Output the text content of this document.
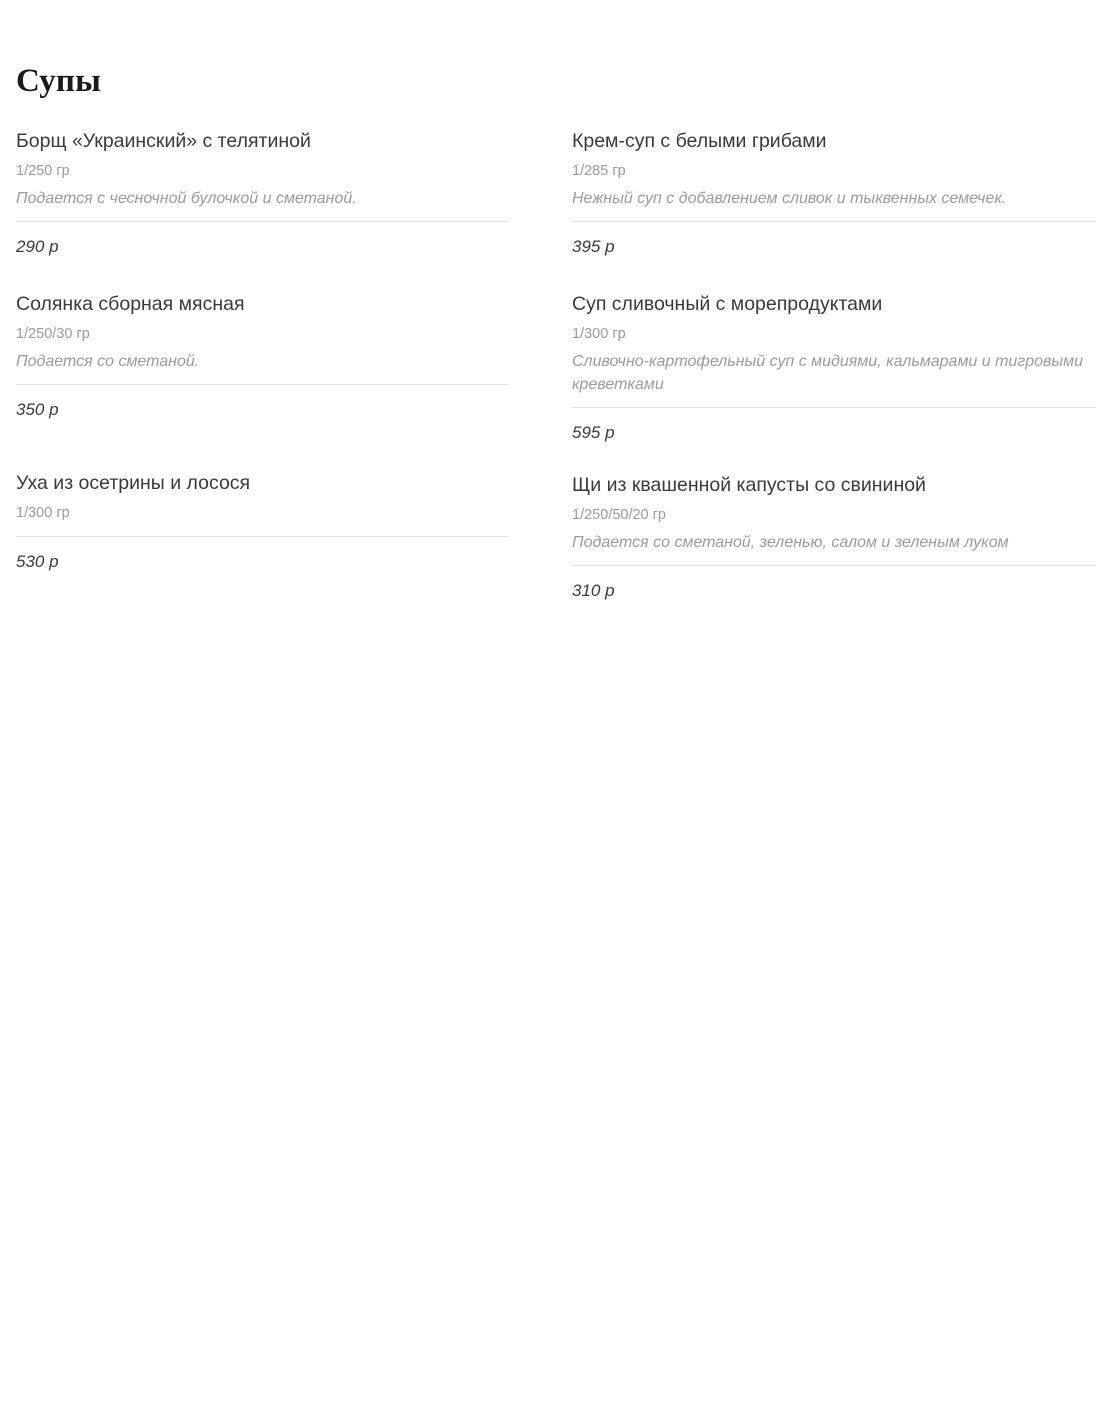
Супы
Борщ «Украинский» с телятиной
1/250 гр
Подается с чесночной булочкой и сметаной.
290 р
Солянка сборная мясная
1/250/30 гр
Подается со сметаной.
350 р
Уха из осетрины и лосося
1/300 гр
530 р
Крем-суп с белыми грибами
1/285 гр
Нежный суп с добавлением сливок и тыквенных семечек.
395 р
Суп сливочный с морепродуктами
1/300 гр
Сливочно-картофельный суп с мидиями, кальмарами и тигровыми креветками
595 р
Щи из квашенной капусты со свининой
1/250/50/20 гр
Подается со сметаной, зеленью, салом и зеленым луком
310 р
